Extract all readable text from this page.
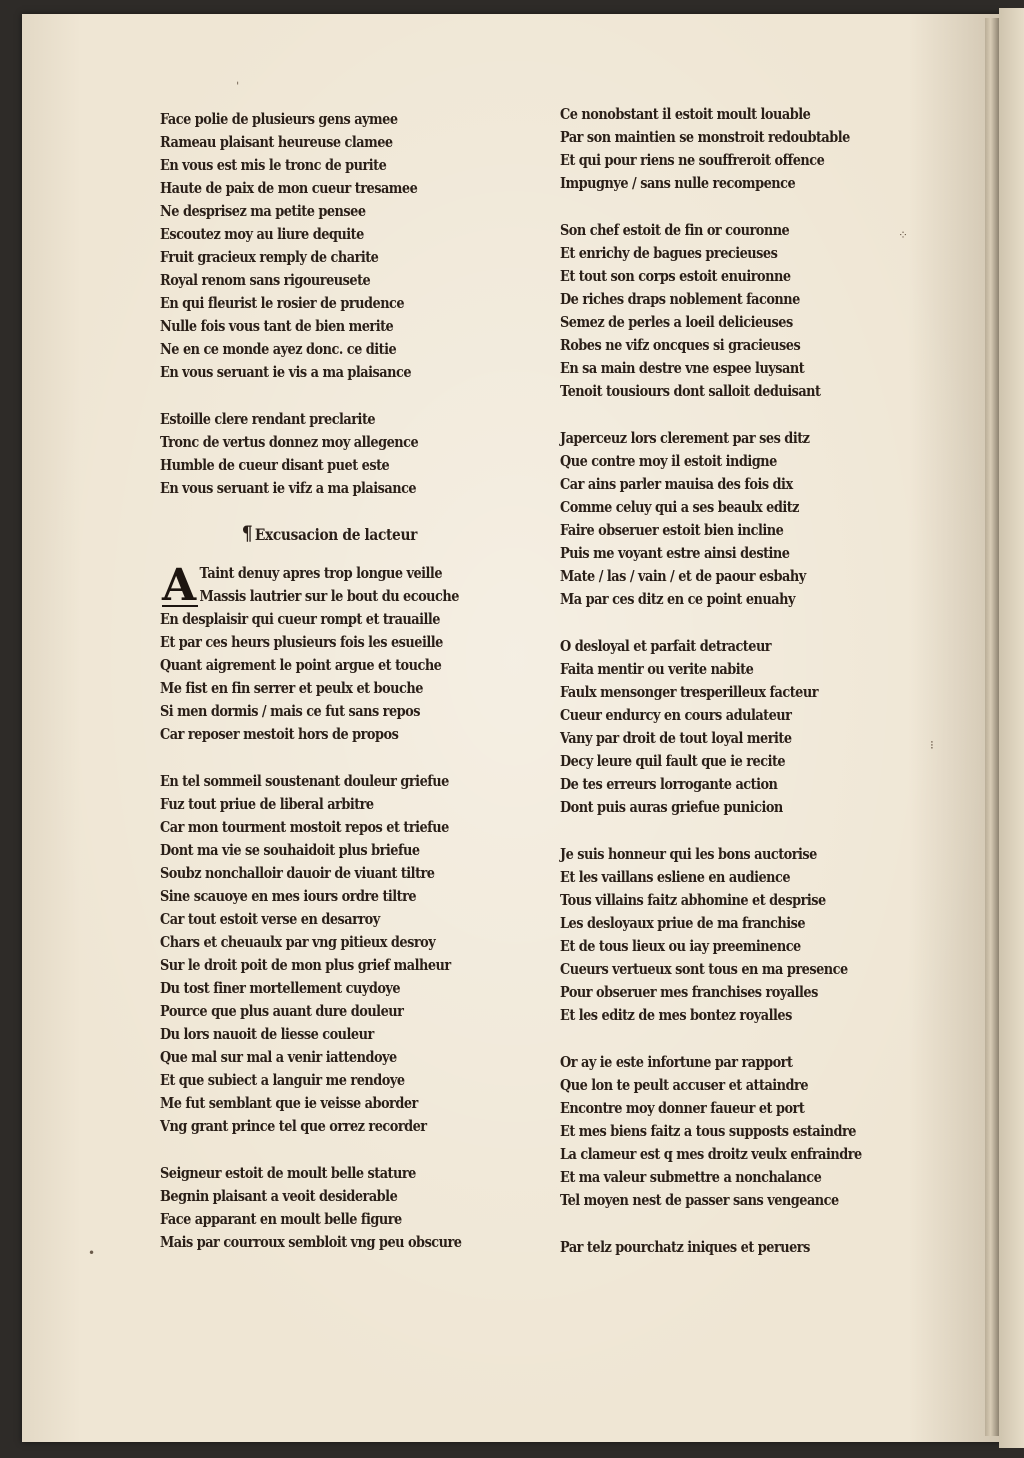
ˌ
⁝
⁘
•
Face polie de plusieurs gens aymee
Rameau plaisant heureuse clamee
En vous est mis le tronc de purite
Haute de paix de mon cueur tresamee
Ne desprisez ma petite pensee
Escoutez moy au liure dequite
Fruit gracieux remply de charite
Royal renom sans rigoureusete
En qui fleurist le rosier de prudence
Nulle fois vous tant de bien merite
Ne en ce monde ayez donc. ce ditie
En vous seruant ie vis a ma plaisance
Estoille clere rendant preclarite
Tronc de vertus donnez moy allegence
Humble de cueur disant puet este
En vous seruant ie vifz a ma plaisance
¶ Excusacion de lacteur
A Taint denuy apres trop longue veille
Massis lautrier sur le bout du ecouche
En desplaisir qui cueur rompt et trauaille
Et par ces heurs plusieurs fois les esueille
Quant aigrement le point argue et touche
Me fist en fin serrer et peulx et bouche
Si men dormis / mais ce fut sans repos
Car reposer mestoit hors de propos
En tel sommeil soustenant douleur griefue
Fuz tout priue de liberal arbitre
Car mon tourment mostoit repos et triefue
Dont ma vie se souhaidoit plus briefue
Soubz nonchalloir dauoir de viuant tiltre
Sine scauoye en mes iours ordre tiltre
Car tout estoit verse en desarroy
Chars et cheuaulx par vng pitieux desroy
Sur le droit poit de mon plus grief malheur
Du tost finer mortellement cuydoye
Pource que plus auant dure douleur
Du lors nauoit de liesse couleur
Que mal sur mal a venir iattendoye
Et que subiect a languir me rendoye
Me fut semblant que ie veisse aborder
Vng grant prince tel que orrez recorder
Seigneur estoit de moult belle stature
Begnin plaisant a veoit desiderable
Face apparant en moult belle figure
Mais par courroux sembloit vng peu obscure
Ce nonobstant il estoit moult louable
Par son maintien se monstroit redoubtable
Et qui pour riens ne souffreroit offence
Impugnye / sans nulle recompence
Son chef estoit de fin or couronne
Et enrichy de bagues precieuses
Et tout son corps estoit enuironne
De riches draps noblement faconne
Semez de perles a loeil delicieuses
Robes ne vifz oncques si gracieuses
En sa main destre vne espee luysant
Tenoit tousiours dont salloit deduisant
Japerceuz lors clerement par ses ditz
Que contre moy il estoit indigne
Car ains parler mauisa des fois dix
Comme celuy qui a ses beaulx editz
Faire obseruer estoit bien incline
Puis me voyant estre ainsi destine
Mate / las / vain / et de paour esbahy
Ma par ces ditz en ce point enuahy
O desloyal et parfait detracteur
Faita mentir ou verite nabite
Faulx mensonger tresperilleux facteur
Cueur endurcy en cours adulateur
Vany par droit de tout loyal merite
Decy leure quil fault que ie recite
De tes erreurs lorrogante action
Dont puis auras griefue punicion
Je suis honneur qui les bons auctorise
Et les vaillans esliene en audience
Tous villains faitz abhomine et desprise
Les desloyaux priue de ma franchise
Et de tous lieux ou iay preeminence
Cueurs vertueux sont tous en ma presence
Pour obseruer mes franchises royalles
Et les editz de mes bontez royalles
Or ay ie este infortune par rapport
Que lon te peult accuser et attaindre
Encontre moy donner faueur et port
Et mes biens faitz a tous supposts estaindre
La clameur est q mes droitz veulx enfraindre
Et ma valeur submettre a nonchalance
Tel moyen nest de passer sans vengeance
Par telz pourchatz iniques et peruers
